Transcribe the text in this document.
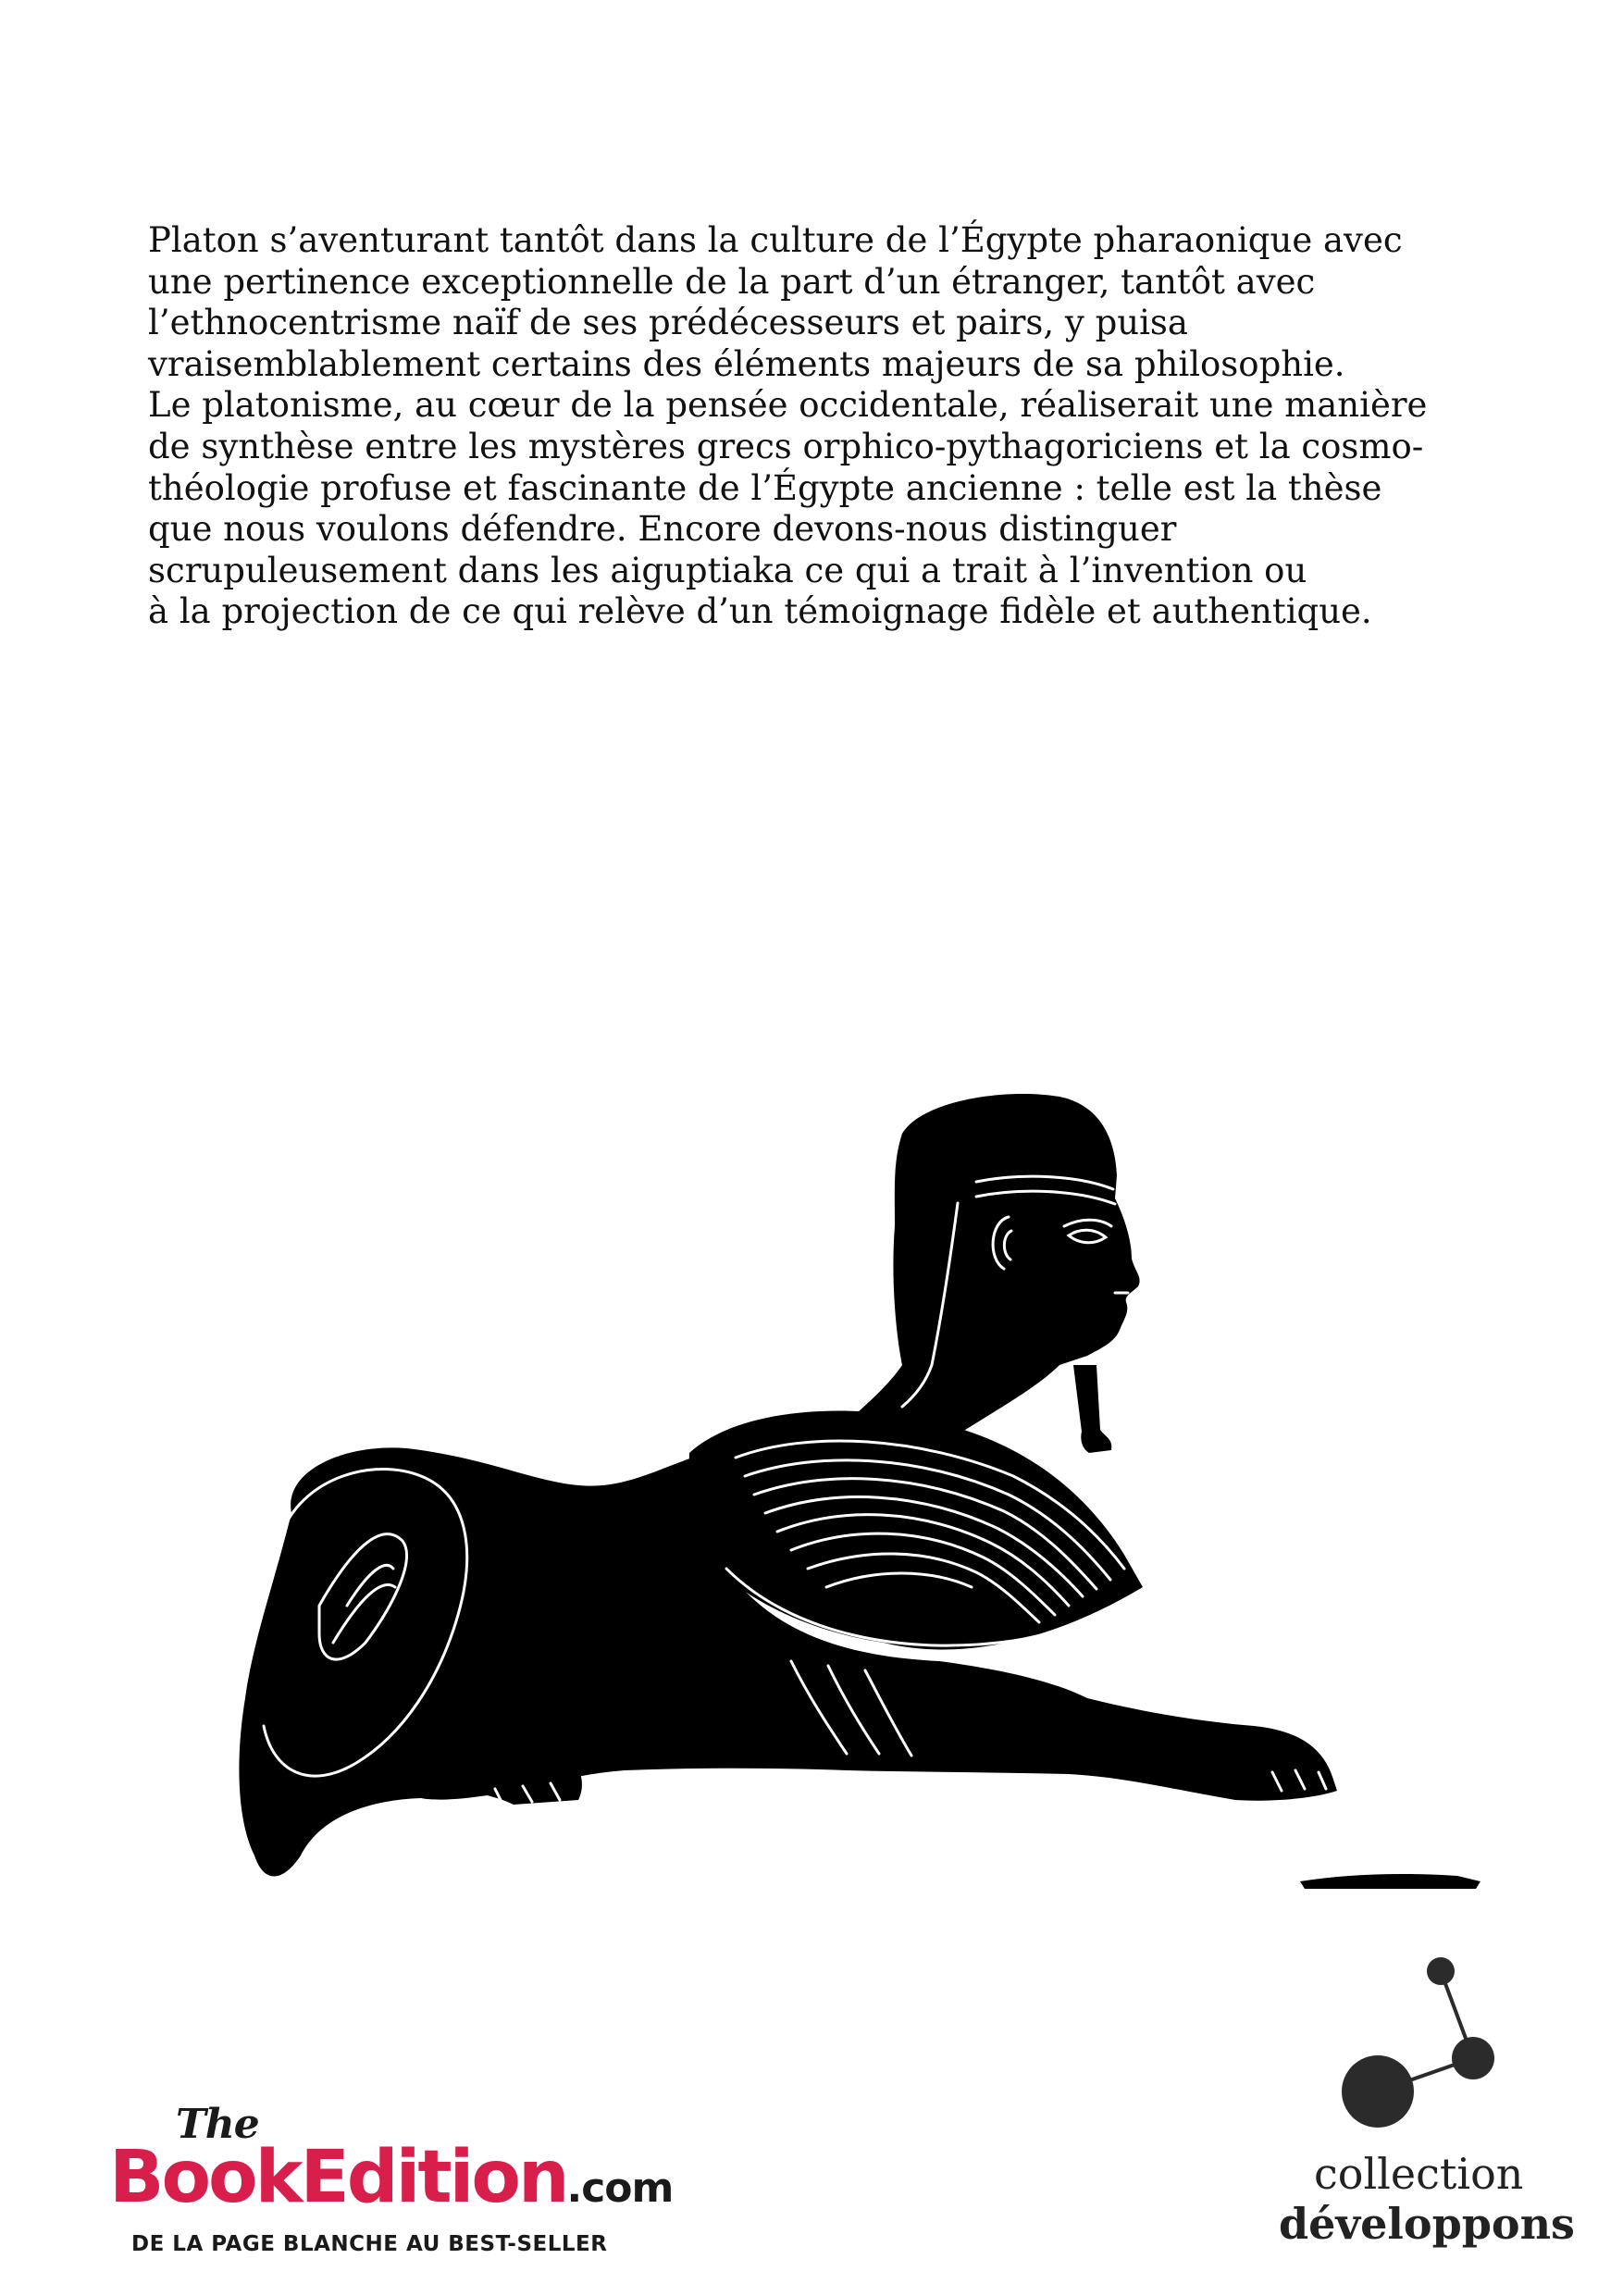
Platon s’aventurant tantôt dans la culture de l’Égypte pharaonique avec
une pertinence exceptionnelle de la part d’un étranger, tantôt avec
l’ethnocentrisme naïf de ses prédécesseurs et pairs, y puisa
vraisemblablement certains des éléments majeurs de sa philosophie.
Le platonisme, au cœur de la pensée occidentale, réaliserait une manière
de synthèse entre les mystères grecs orphico-pythagoriciens et la cosmo-
théologie profuse et fascinante de l’Égypte ancienne : telle est la thèse
que nous voulons défendre. Encore devons-nous distinguer
scrupuleusement dans les aiguptiaka ce qui a trait à l’invention ou
à la projection de ce qui relève d’un témoignage fidèle et authentique.
The
BookEdition.com
DE LA PAGE BLANCHE AU BEST-SELLER
collection
développons
